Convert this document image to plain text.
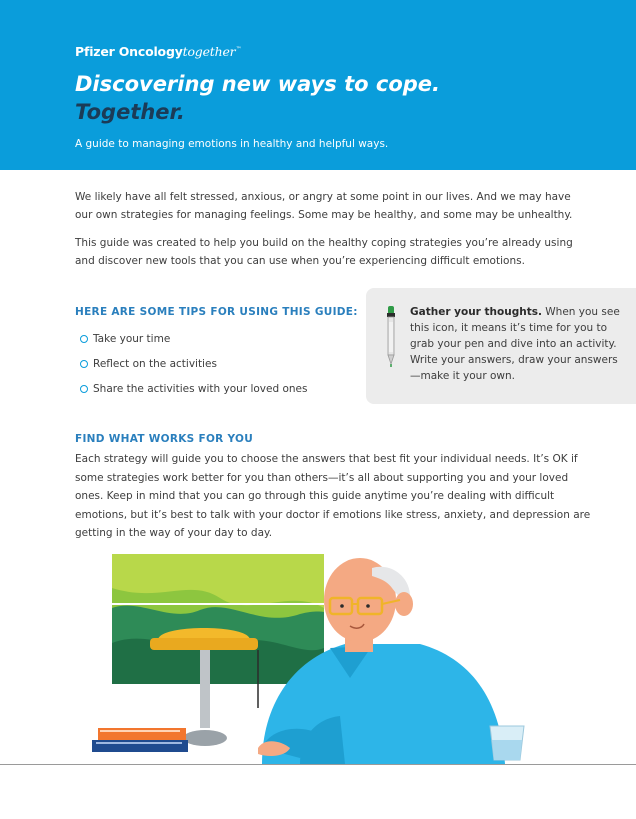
Pfizer Oncologytogether™
Discovering new ways to cope.
Together.
A guide to managing emotions in healthy and helpful ways.
We likely have all felt stressed, anxious, or angry at some point in our lives. And we may have our own strategies for managing feelings. Some may be healthy, and some may be unhealthy.
This guide was created to help you build on the healthy coping strategies you’re already using and discover new tools that you can use when you’re experiencing difficult emotions.
HERE ARE SOME TIPS FOR USING THIS GUIDE:
Take your time
Reflect on the activities
Share the activities with your loved ones
Gather your thoughts. When you see this icon, it means it’s time for you to grab your pen and dive into an activity. Write your answers, draw your answers—make it your own.
FIND WHAT WORKS FOR YOU
Each strategy will guide you to choose the answers that best fit your individual needs. It’s OK if some strategies work better for you than others—it’s all about supporting you and your loved ones. Keep in mind that you can go through this guide anytime you’re dealing with difficult emotions, but it’s best to talk with your doctor if emotions like stress, anxiety, and depression are getting in the way of your day to day.
